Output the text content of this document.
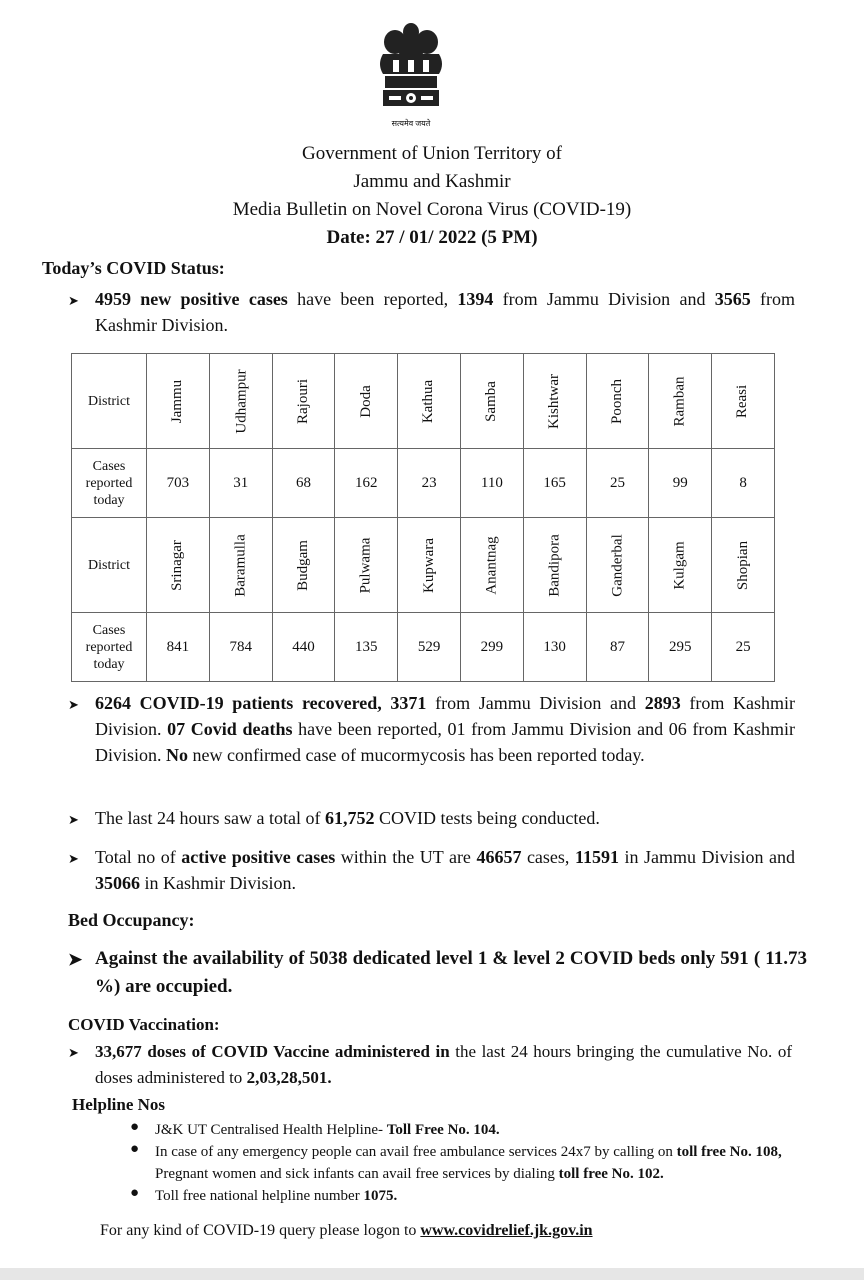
सत्यमेव जयते
Government of Union Territory of
Jammu and Kashmir
Media Bulletin on Novel Corona Virus (COVID-19)
Date: 27 / 01/ 2022 (5 PM)
Today’s COVID Status:
➤ 4959 new positive cases have been reported, 1394 from Jammu Division and 3565 from Kashmir Division.
District	Jammu	Udhampur	Rajouri	Doda	Kathua	Samba	Kishtwar	Poonch	Ramban	Reasi
Cases reported today	703	31	68	162	23	110	165	25	99	8
District	Srinagar	Baramulla	Budgam	Pulwama	Kupwara	Anantnag	Bandipora	Ganderbal	Kulgam	Shopian
Cases reported today	841	784	440	135	529	299	130	87	295	25
➤ 6264 COVID-19 patients recovered, 3371 from Jammu Division and 2893 from Kashmir Division. 07 Covid deaths have been reported, 01 from Jammu Division and 06 from Kashmir Division. No new confirmed case of mucormycosis has been reported today.
➤ The last 24 hours saw a total of 61,752 COVID tests being conducted.
➤ Total no of active positive cases within the UT are 46657 cases, 11591 in Jammu Division and 35066 in Kashmir Division.
Bed Occupancy:
➤ Against the availability of 5038 dedicated level 1 & level 2 COVID beds only 591 ( 11.73 %) are occupied.
COVID Vaccination:
➤ 33,677 doses of COVID Vaccine administered in the last 24 hours bringing the cumulative No. of doses administered to 2,03,28,501.
Helpline Nos
● J&K UT Centralised Health Helpline- Toll Free No. 104.
● In case of any emergency people can avail free ambulance services 24x7 by calling on toll free No. 108, Pregnant women and sick infants can avail free services by dialing toll free No. 102.
● Toll free national helpline number 1075.
For any kind of COVID-19 query please logon to www.covidrelief.jk.gov.in
